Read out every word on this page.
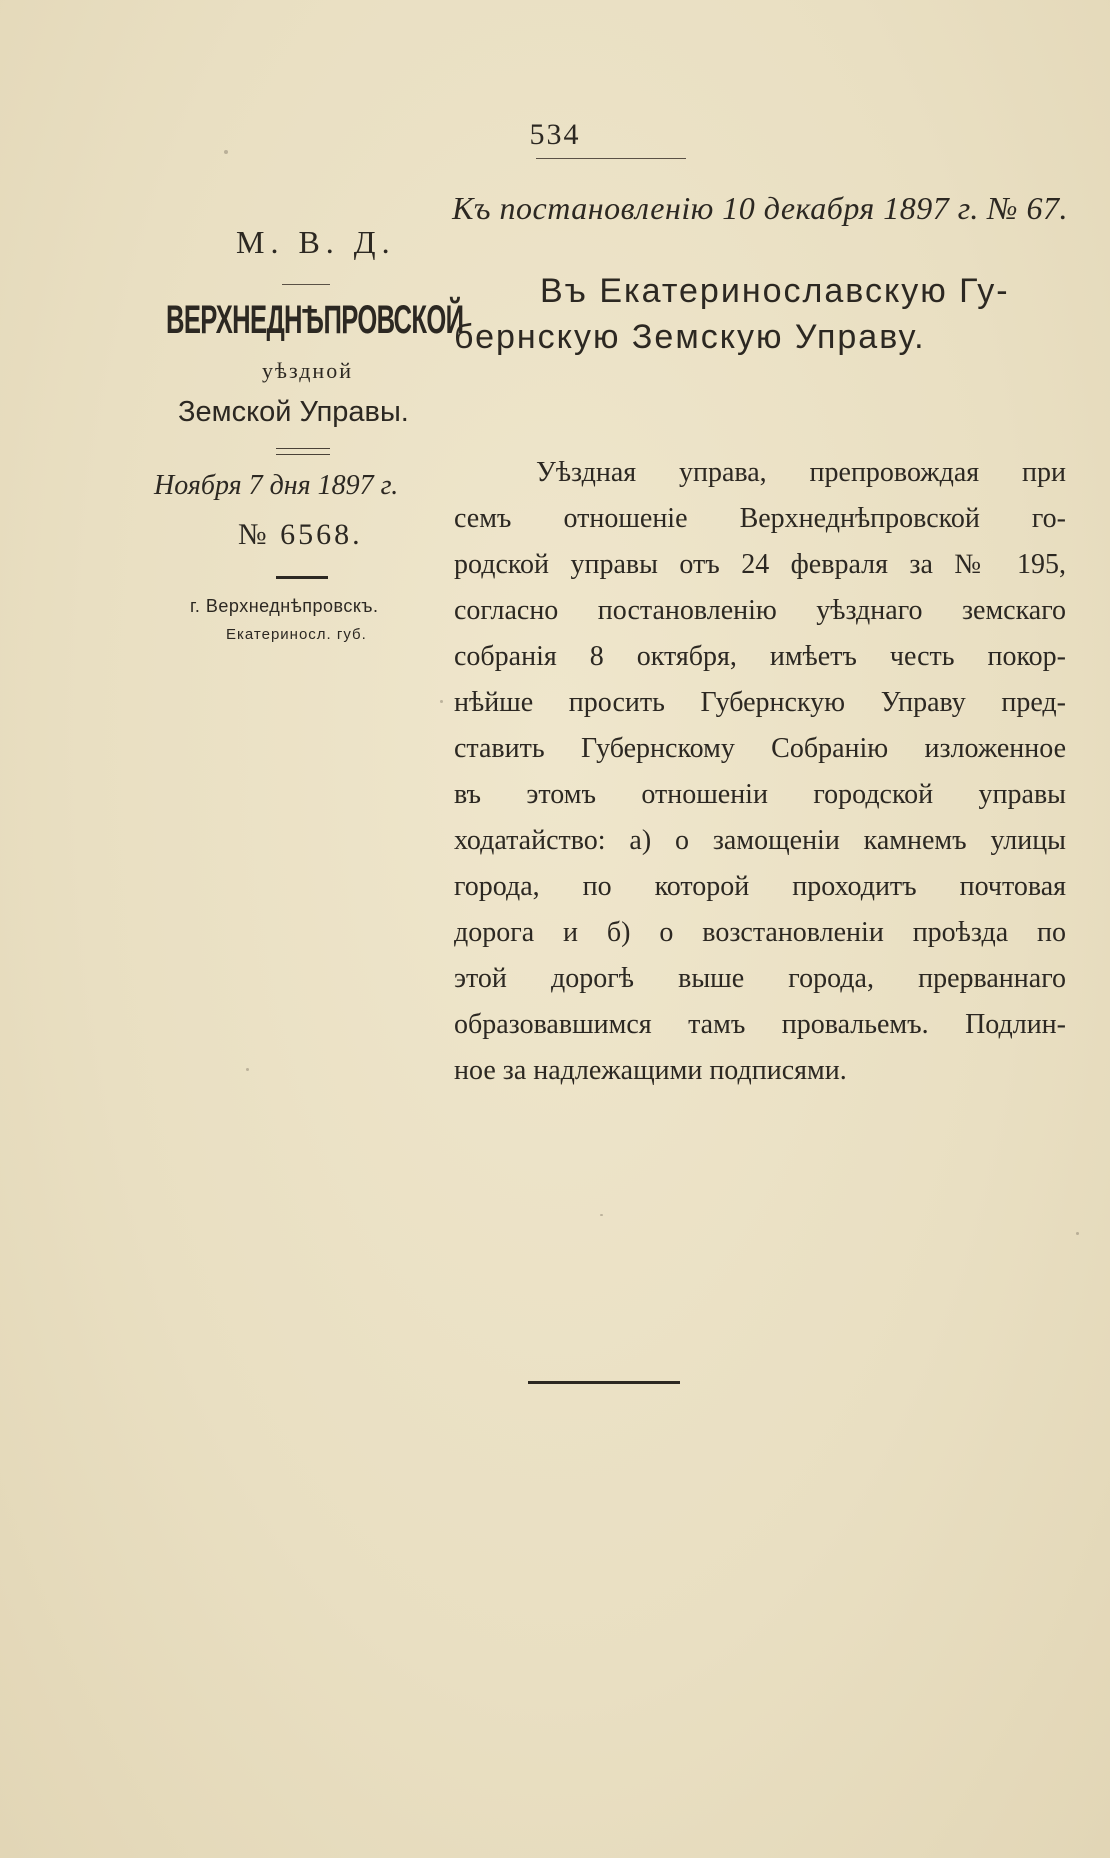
534
Къ постановленію 10 декабря 1897 г. № 67.
М. В. Д.
ВЕРХНЕДНѢПРОВСКОЙ
уѣздной
Земской Управы.
Ноября 7 дня 1897 г.
№ 6568.
г. Верхнеднѣпровскъ.
Екатериносл. губ.
Въ Екатеринославскую Гу-
бернскую Земскую Управу.
Уѣздная управа, препровождая при
семъ отношеніе Верхнеднѣпровской го-
родской управы отъ 24 февраля за № 195,
согласно постановленію уѣзднаго земскаго
собранія 8 октября, имѣетъ честь покор-
нѣйше просить Губернскую Управу пред-
ставить Губернскому Собранію изложенное
въ этомъ отношеніи городской управы
ходатайство: а) о замощеніи камнемъ улицы
города, по которой проходитъ почтовая
дорога и б) о возстановленіи проѣзда по
этой дорогѣ выше города, прерваннаго
образовавшимся тамъ провальемъ. Подлин-
ное за надлежащими подписями.
